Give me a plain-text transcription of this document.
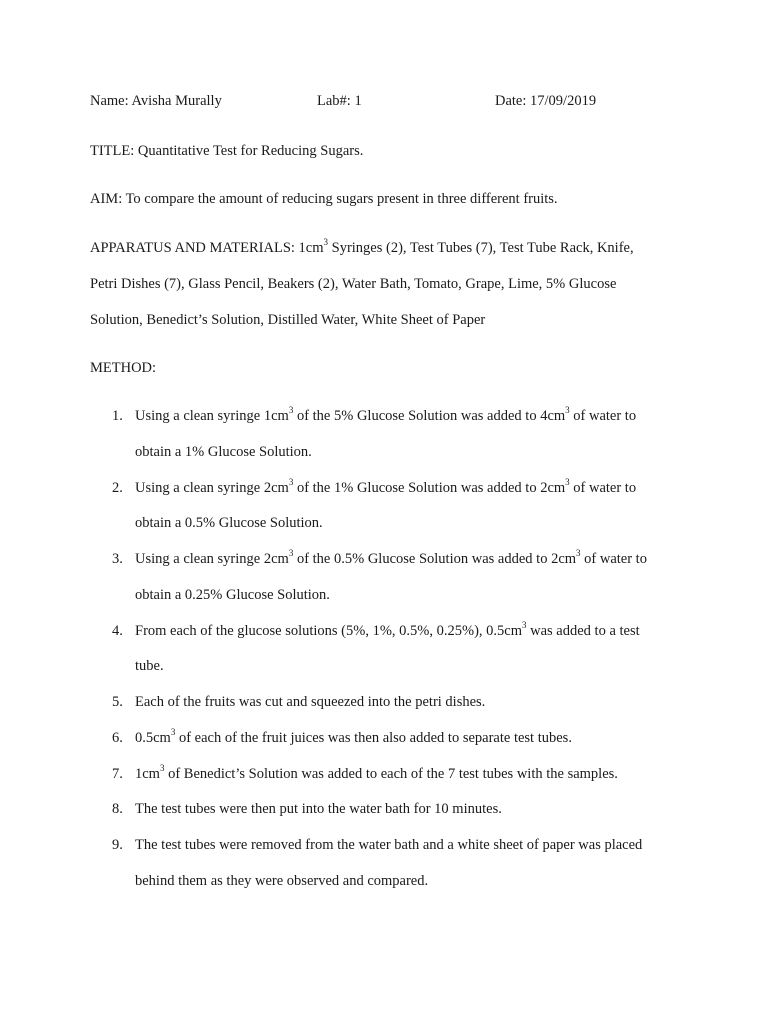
Name: Avisha Murally	Lab#: 1	Date: 17/09/2019
TITLE: Quantitative Test for Reducing Sugars.
AIM: To compare the amount of reducing sugars present in three different fruits.
APPARATUS AND MATERIALS: $1cm^3$ Syringes (2), Test Tubes (7), Test Tube Rack, Knife,
Petri Dishes (7), Glass Pencil, Beakers (2), Water Bath, Tomato, Grape, Lime, 5% Glucose
Solution, Benedict’s Solution, Distilled Water, White Sheet of Paper
METHOD:
1. Using a clean syringe $1cm^3$ of the 5% Glucose Solution was added to $4cm^3$ of water to
obtain a 1% Glucose Solution.
2. Using a clean syringe $2cm^3$ of the 1% Glucose Solution was added to $2cm^3$ of water to
obtain a 0.5% Glucose Solution.
3. Using a clean syringe $2cm^3$ of the 0.5% Glucose Solution was added to $2cm^3$ of water to
obtain a 0.25% Glucose Solution.
4. From each of the glucose solutions (5%, 1%, 0.5%, 0.25%), $0.5cm^3$ was added to a test
tube.
5. Each of the fruits was cut and squeezed into the petri dishes.
6. $0.5cm^3$ of each of the fruit juices was then also added to separate test tubes.
7. $1cm^3$ of Benedict’s Solution was added to each of the 7 test tubes with the samples.
8. The test tubes were then put into the water bath for 10 minutes.
9. The test tubes were removed from the water bath and a white sheet of paper was placed
behind them as they were observed and compared.
